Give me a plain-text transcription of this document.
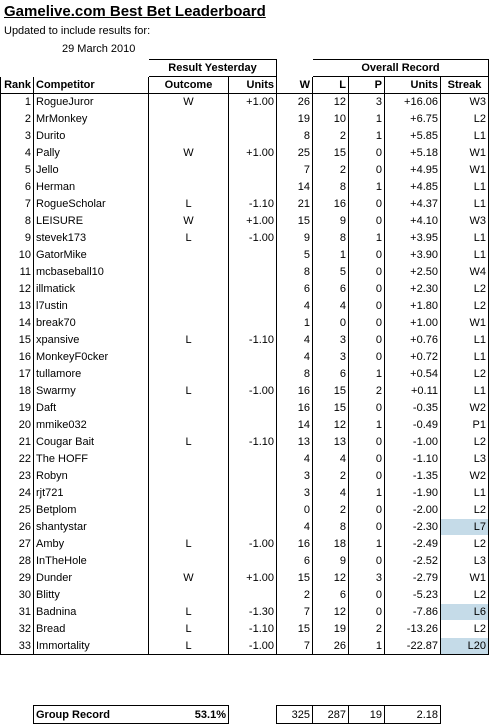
Gamelive.com Best Bet Leaderboard
Updated to include results for:
29 March 2010
		Result Yesterday			Overall Record			
Rank	Competitor	Outcome	Units	W	L	P	Units	Streak
1	RogueJuror	W	+1.00	26	12	3	+16.06	W3
2	MrMonkey			19	10	1	+6.75	L2
3	Durito			8	2	1	+5.85	L1
4	Pally	W	+1.00	25	15	0	+5.18	W1
5	Jello			7	2	0	+4.95	W1
6	Herman			14	8	1	+4.85	L1
7	RogueScholar	L	-1.10	21	16	0	+4.37	L1
8	LEISURE	W	+1.00	15	9	0	+4.10	W3
9	stevek173	L	-1.00	9	8	1	+3.95	L1
10	GatorMike			5	1	0	+3.90	L1
11	mcbaseball10			8	5	0	+2.50	W4
12	illmatick			6	6	0	+2.30	L2
13	l7ustin			4	4	0	+1.80	L2
14	break70			1	0	0	+1.00	W1
15	xpansive	L	-1.10	4	3	0	+0.76	L1
16	MonkeyF0cker			4	3	0	+0.72	L1
17	tullamore			8	6	1	+0.54	L2
18	Swarmy	L	-1.00	16	15	2	+0.11	L1
19	Daft			16	15	0	-0.35	W2
20	mmike032			14	12	1	-0.49	P1
21	Cougar Bait	L	-1.10	13	13	0	-1.00	L2
22	The HOFF			4	4	0	-1.10	L3
23	Robyn			3	2	0	-1.35	W2
24	rjt721			3	4	1	-1.90	L1
25	Betplom			0	2	0	-2.00	L2
26	shantystar			4	8	0	-2.30	L7
27	Amby	L	-1.00	16	18	1	-2.49	L2
28	InTheHole			6	9	0	-2.52	L3
29	Dunder	W	+1.00	15	12	3	-2.79	W1
30	Blitty			2	6	0	-5.23	L2
31	Badnina	L	-1.30	7	12	0	-7.86	L6
32	Bread	L	-1.10	15	19	2	-13.26	L2
33	Immortality	L	-1.00	7	26	1	-22.87	L20
Group Record	53.1%		325	287	19	2.18
